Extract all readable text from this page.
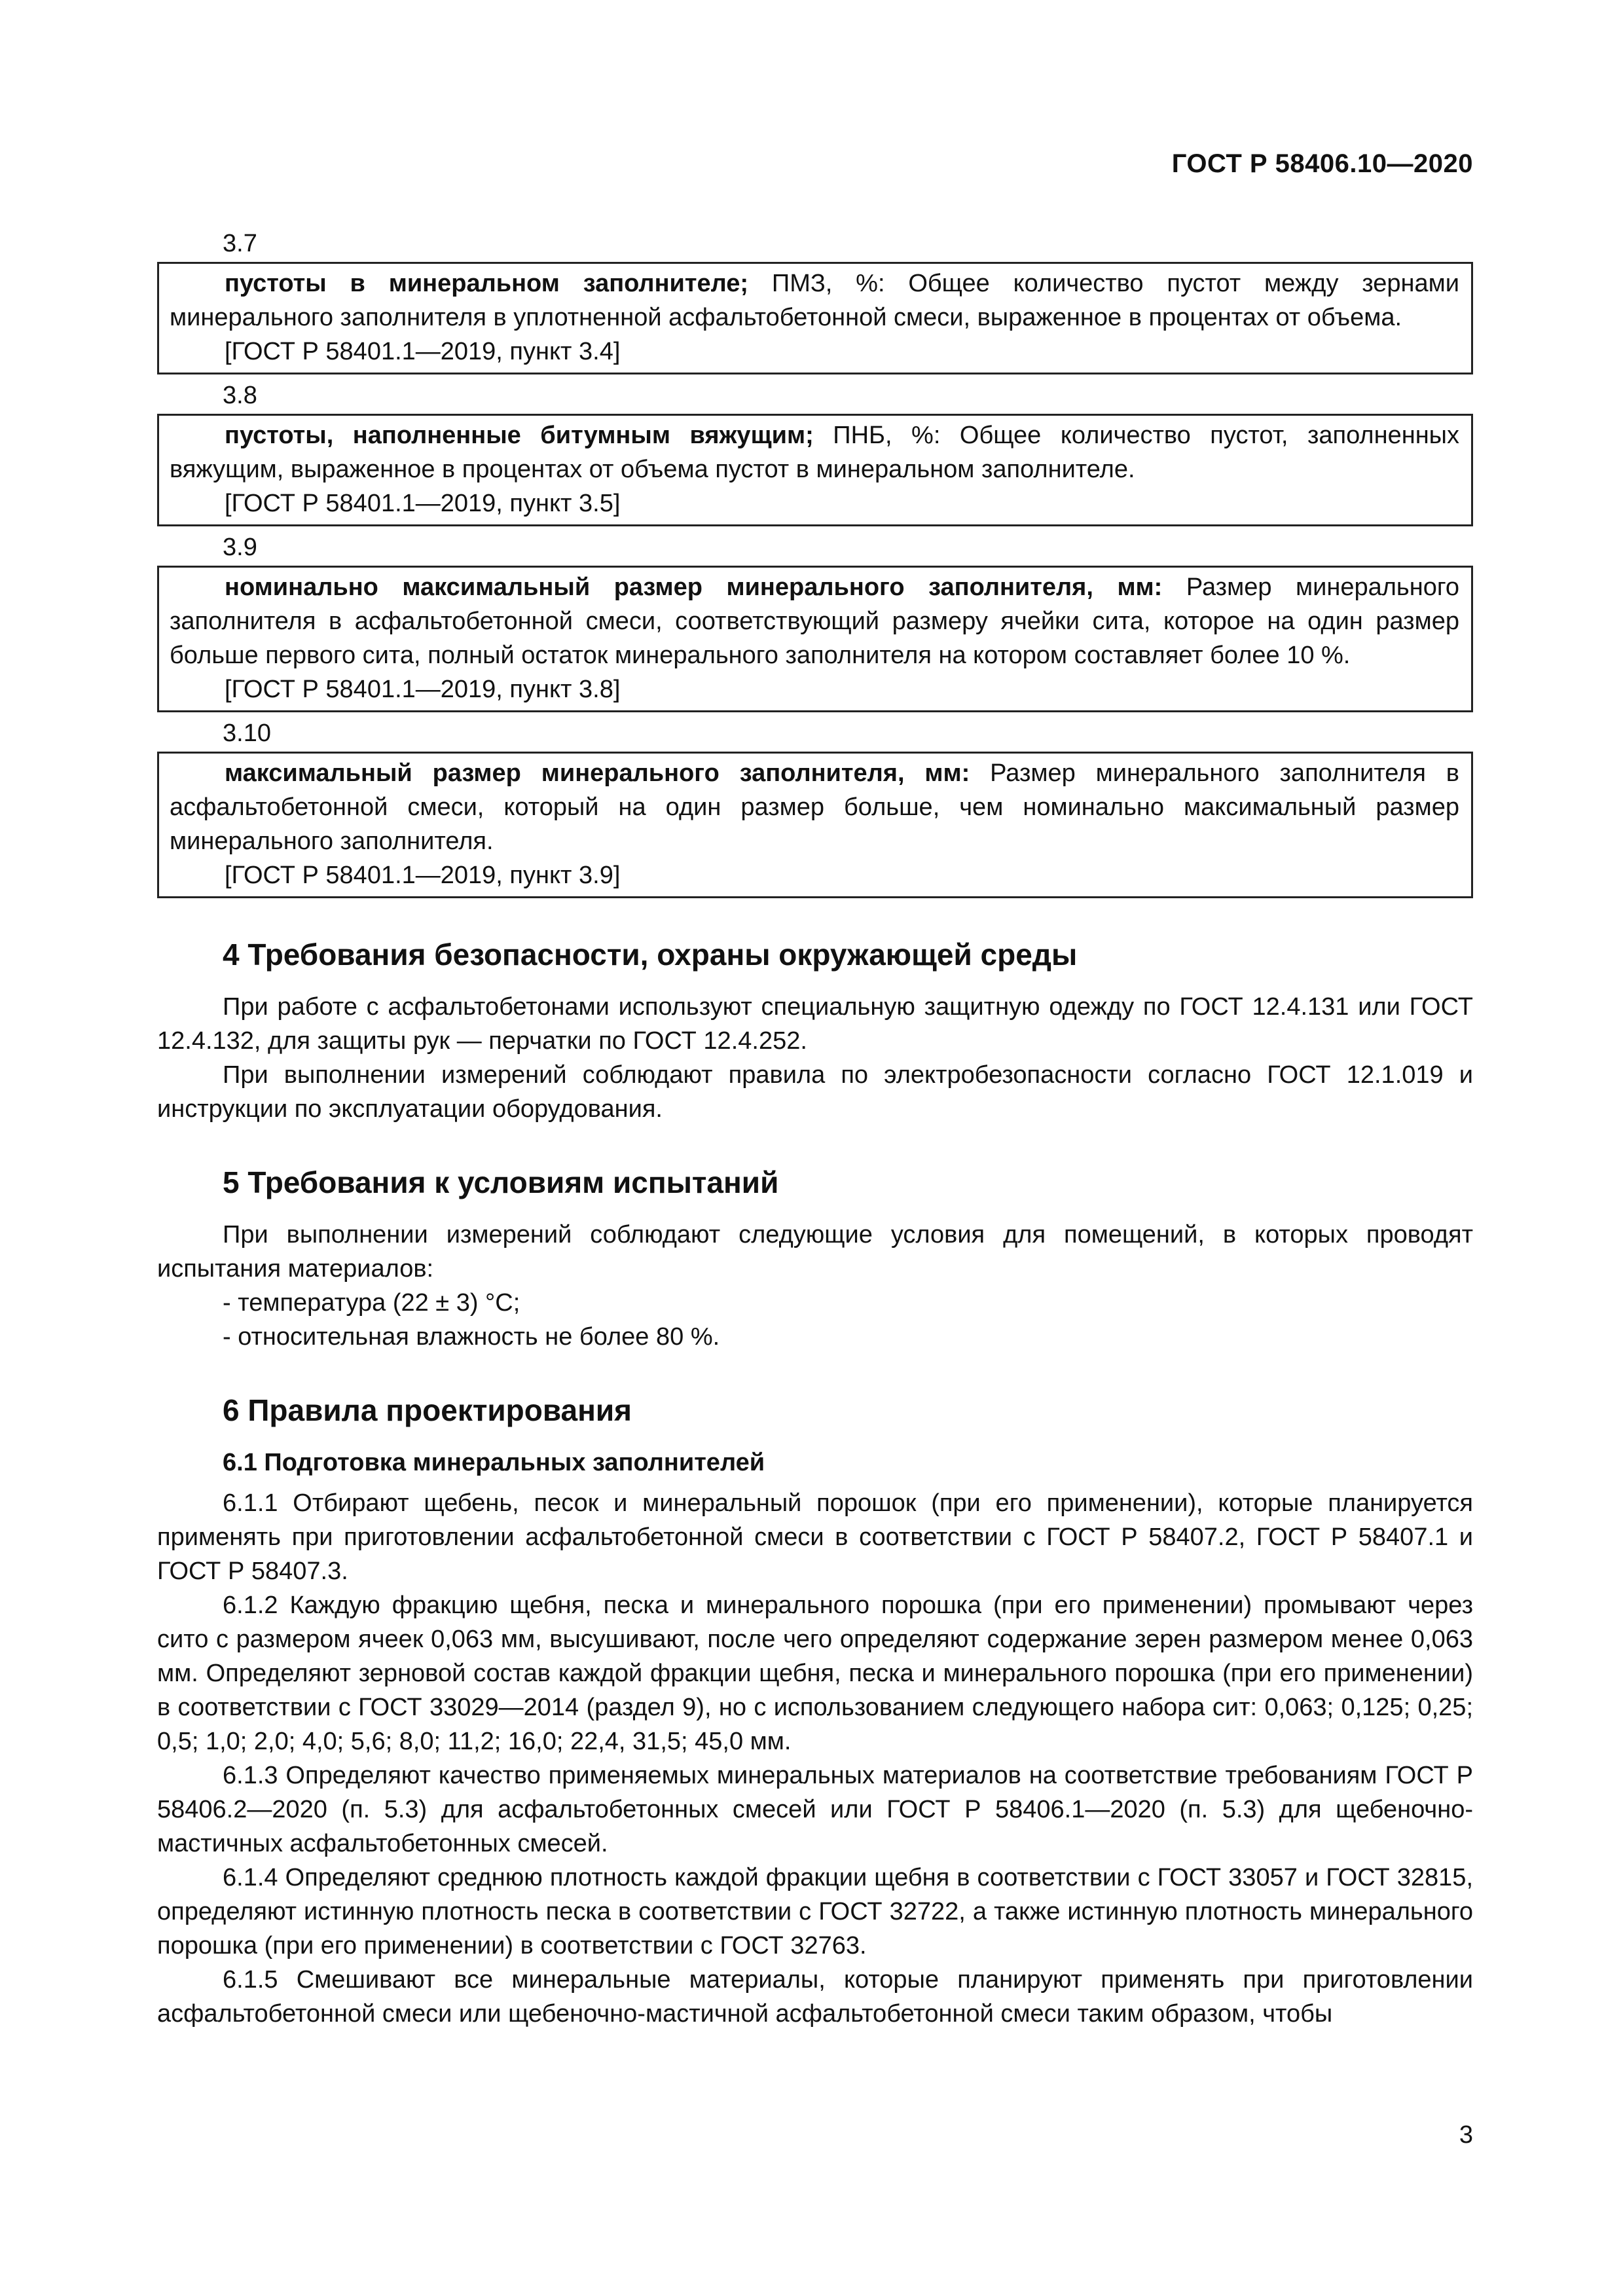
ГОСТ Р 58406.10—2020
3.7
пустоты в минеральном заполнителе; ПМЗ, %: Общее количество пустот между зернами минерального заполнителя в уплотненной асфальтобетонной смеси, выраженное в процентах от объема.
[ГОСТ Р 58401.1—2019, пункт 3.4]
3.8
пустоты, наполненные битумным вяжущим; ПНБ, %: Общее количество пустот, заполненных вяжущим, выраженное в процентах от объема пустот в минеральном заполнителе.
[ГОСТ Р 58401.1—2019, пункт 3.5]
3.9
номинально максимальный размер минерального заполнителя, мм: Размер минерального заполнителя в асфальтобетонной смеси, соответствующий размеру ячейки сита, которое на один размер больше первого сита, полный остаток минерального заполнителя на котором составляет более 10 %.
[ГОСТ Р 58401.1—2019, пункт 3.8]
3.10
максимальный размер минерального заполнителя, мм: Размер минерального заполнителя в асфальтобетонной смеси, который на один размер больше, чем номинально максимальный размер минерального заполнителя.
[ГОСТ Р 58401.1—2019, пункт 3.9]
4 Требования безопасности, охраны окружающей среды

При работе с асфальтобетонами используют специальную защитную одежду по ГОСТ 12.4.131 или ГОСТ 12.4.132, для защиты рук — перчатки по ГОСТ 12.4.252.

При выполнении измерений соблюдают правила по электробезопасности согласно ГОСТ 12.1.019 и инструкции по эксплуатации оборудования.

5 Требования к условиям испытаний

При выполнении измерений соблюдают следующие условия для помещений, в которых проводят испытания материалов:

- температура (22 ± 3) °С;

- относительная влажность не более 80 %.

6 Правила проектирования
6.1 Подготовка минеральных заполнителей

6.1.1 Отбирают щебень, песок и минеральный порошок (при его применении), которые планируется применять при приготовлении асфальтобетонной смеси в соответствии с ГОСТ Р 58407.2, ГОСТ Р 58407.1 и ГОСТ Р 58407.3.

6.1.2 Каждую фракцию щебня, песка и минерального порошка (при его применении) промывают через сито с размером ячеек 0,063 мм, высушивают, после чего определяют содержание зерен размером менее 0,063 мм. Определяют зерновой состав каждой фракции щебня, песка и минерального порошка (при его применении) в соответствии с ГОСТ 33029—2014 (раздел 9), но с использованием следующего набора сит: 0,063; 0,125; 0,25; 0,5; 1,0; 2,0; 4,0; 5,6; 8,0; 11,2; 16,0; 22,4, 31,5; 45,0 мм.

6.1.3 Определяют качество применяемых минеральных материалов на соответствие требованиям ГОСТ Р 58406.2—2020 (п. 5.3) для асфальтобетонных смесей или ГОСТ Р 58406.1—2020 (п. 5.3) для щебеночно-мастичных асфальтобетонных смесей.

6.1.4 Определяют среднюю плотность каждой фракции щебня в соответствии с ГОСТ 33057 и ГОСТ 32815, определяют истинную плотность песка в соответствии с ГОСТ 32722, а также истинную плотность минерального порошка (при его применении) в соответствии с ГОСТ 32763.

6.1.5 Смешивают все минеральные материалы, которые планируют применять при приготовлении асфальтобетонной смеси или щебеночно-мастичной асфальтобетонной смеси таким образом, чтобы

3
